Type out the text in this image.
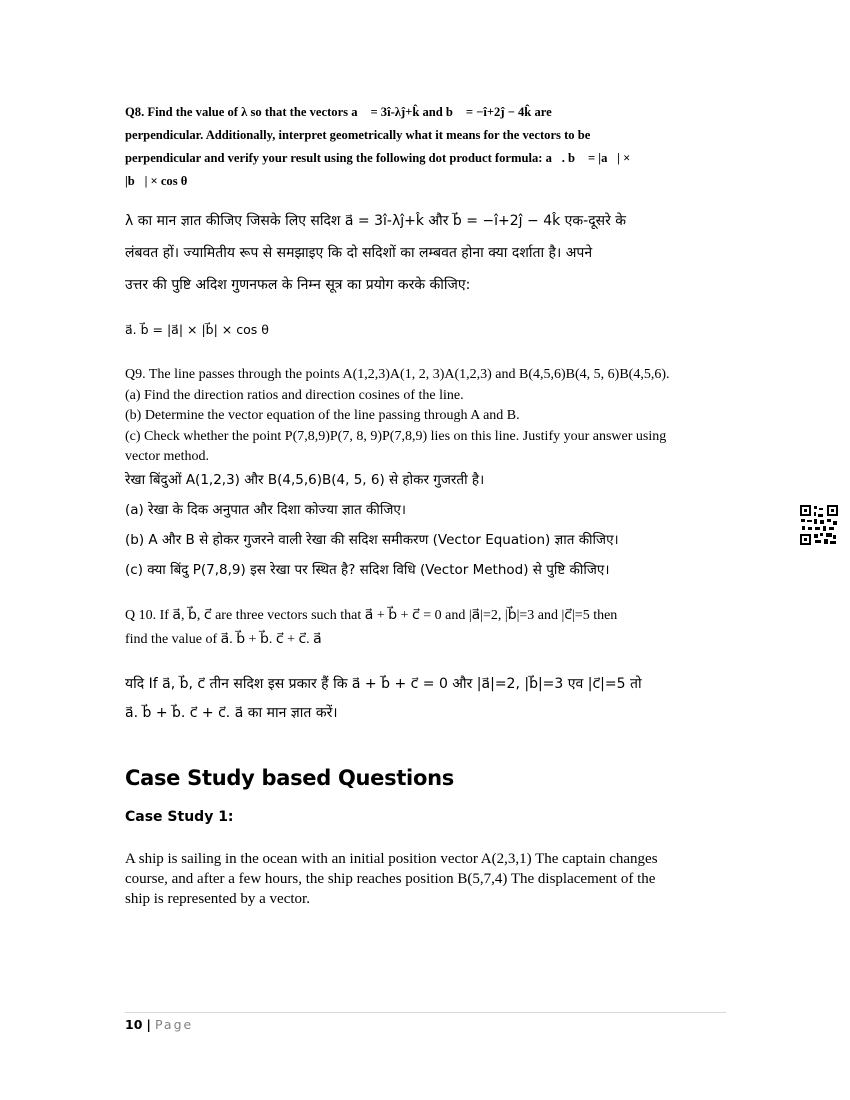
Q8. Find the value of λ so that the vectors a⃗ = 3î-λĵ+k̂ and b⃗ = −î+2ĵ − 4k̂ are
perpendicular. Additionally, interpret geometrically what it means for the vectors to be
perpendicular and verify your result using the following dot product formula: a⃗. b⃗ = |a⃗| ×
|b⃗| × cos θ
λ का मान ज्ञात कीजिए जिसके लिए सदिश a⃗ = 3î-λĵ+k̂ और b⃗ = −î+2ĵ − 4k̂ एक-दूसरे के
लंबवत हों। ज्यामितीय रूप से समझाइए कि दो सदिशों का लम्बवत होना क्या दर्शाता है। अपने
उत्तर की पुष्टि अदिश गुणनफल के निम्न सूत्र का प्रयोग करके कीजिए:
a⃗. b⃗ = |a⃗| × |b⃗| × cos θ
Q9. The line passes through the points A(1,2,3)A(1, 2, 3)A(1,2,3) and B(4,5,6)B(4, 5, 6)B(4,5,6).
(a) Find the direction ratios and direction cosines of the line.
(b) Determine the vector equation of the line passing through A and B.
(c) Check whether the point P(7,8,9)P(7, 8, 9)P(7,8,9) lies on this line. Justify your answer using
vector method.
रेखा बिंदुओं A(1,2,3) और B(4,5,6)B(4, 5, 6) से होकर गुजरती है।
(a) रेखा के दिक अनुपात और दिशा कोज्या ज्ञात कीजिए।
(b) A और B से होकर गुजरने वाली रेखा की सदिश समीकरण (Vector Equation) ज्ञात कीजिए।
(c) क्या बिंदु P(7,8,9) इस रेखा पर स्थित है? सदिश विधि (Vector Method) से पुष्टि कीजिए।
Q 10. If a⃗, b⃗, c⃗ are three vectors such that a⃗ + b⃗ + c⃗ = 0 and |a⃗|=2, |b⃗|=3 and |c⃗|=5 then
find the value of a⃗. b⃗ + b⃗. c⃗ + c⃗. a⃗
यदि If a⃗, b⃗, c⃗ तीन सदिश इस प्रकार हैं कि a⃗ + b⃗ + c⃗ = 0 और |a⃗|=2, |b⃗|=3 एव |c⃗|=5 तो
a⃗. b⃗ + b⃗. c⃗ + c⃗. a⃗ का मान ज्ञात करें।
Case Study based Questions
Case Study 1:
A ship is sailing in the ocean with an initial position vector A(2,3,1) The captain changes
course, and after a few hours, the ship reaches position B(5,7,4) The displacement of the
ship is represented by a vector.
10 | Page
